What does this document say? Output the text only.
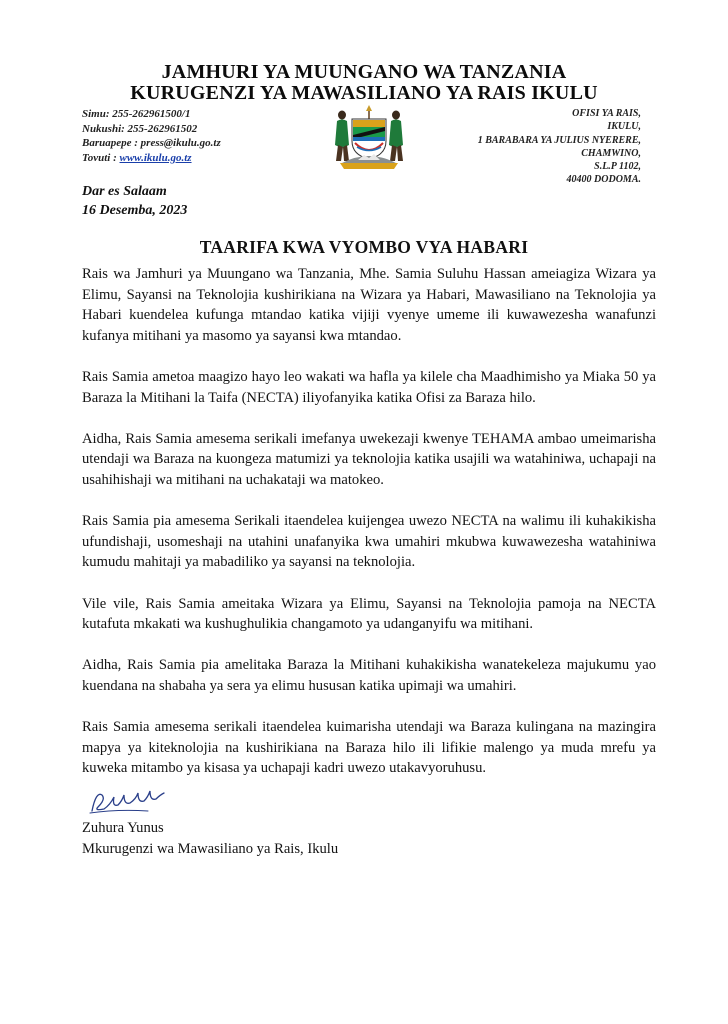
JAMHURI YA MUUNGANO WA TANZANIA
KURUGENZI YA MAWASILIANO YA RAIS IKULU
Simu: 255-262961500/1
Nukushi: 255-262961502
Baruapepe : press@ikulu.go.tz
Tovuti : www.ikulu.go.tz
OFISI YA RAIS,
IKULU,
1 BARABARA YA JULIUS NYERERE,
CHAMWINO,
S.L.P 1102,
40400 DODOMA.
Dar es Salaam
16 Desemba, 2023
TAARIFA KWA VYOMBO VYA HABARI

Rais wa Jamhuri ya Muungano wa Tanzania, Mhe. Samia Suluhu Hassan ameiagiza Wizara ya Elimu, Sayansi na Teknolojia kushirikiana na Wizara ya Habari, Mawasiliano na Teknolojia ya Habari kuendelea kufunga mtandao katika vijiji vyenye umeme ili kuwawezesha wanafunzi kufanya mitihani ya masomo ya sayansi kwa mtandao.

Rais Samia ametoa maagizo hayo leo wakati wa hafla ya kilele cha Maadhimisho ya Miaka 50 ya Baraza la Mitihani la Taifa (NECTA) iliyofanyika katika Ofisi za Baraza hilo.

Aidha, Rais Samia amesema serikali imefanya uwekezaji kwenye TEHAMA ambao umeimarisha utendaji wa Baraza na kuongeza matumizi ya teknolojia katika usajili wa watahiniwa, uchapaji na usahihishaji wa mitihani na uchakataji wa matokeo.

Rais Samia pia amesema Serikali itaendelea kuijengea uwezo NECTA na walimu ili kuhakikisha ufundishaji, usomeshaji na utahini unafanyika kwa umahiri mkubwa kuwawezesha watahiniwa kumudu mahitaji ya mabadiliko ya sayansi na teknolojia.

Vile vile, Rais Samia ameitaka Wizara ya Elimu, Sayansi na Teknolojia pamoja na NECTA kutafuta mkakati wa kushughulikia changamoto ya udanganyifu wa mitihani.

Aidha, Rais Samia pia amelitaka Baraza la Mitihani kuhakikisha wanatekeleza majukumu yao kuendana na shabaha ya sera ya elimu hususan katika upimaji wa umahiri.

Rais Samia amesema serikali itaendelea kuimarisha utendaji wa Baraza kulingana na mazingira mapya ya kiteknolojia na kushirikiana na Baraza hilo ili lifikie malengo ya muda mrefu ya kuweka mitambo ya kisasa ya uchapaji kadri uwezo utakavyoruhusu.

Zuhura Yunus
Mkurugenzi wa Mawasiliano ya Rais, Ikulu
